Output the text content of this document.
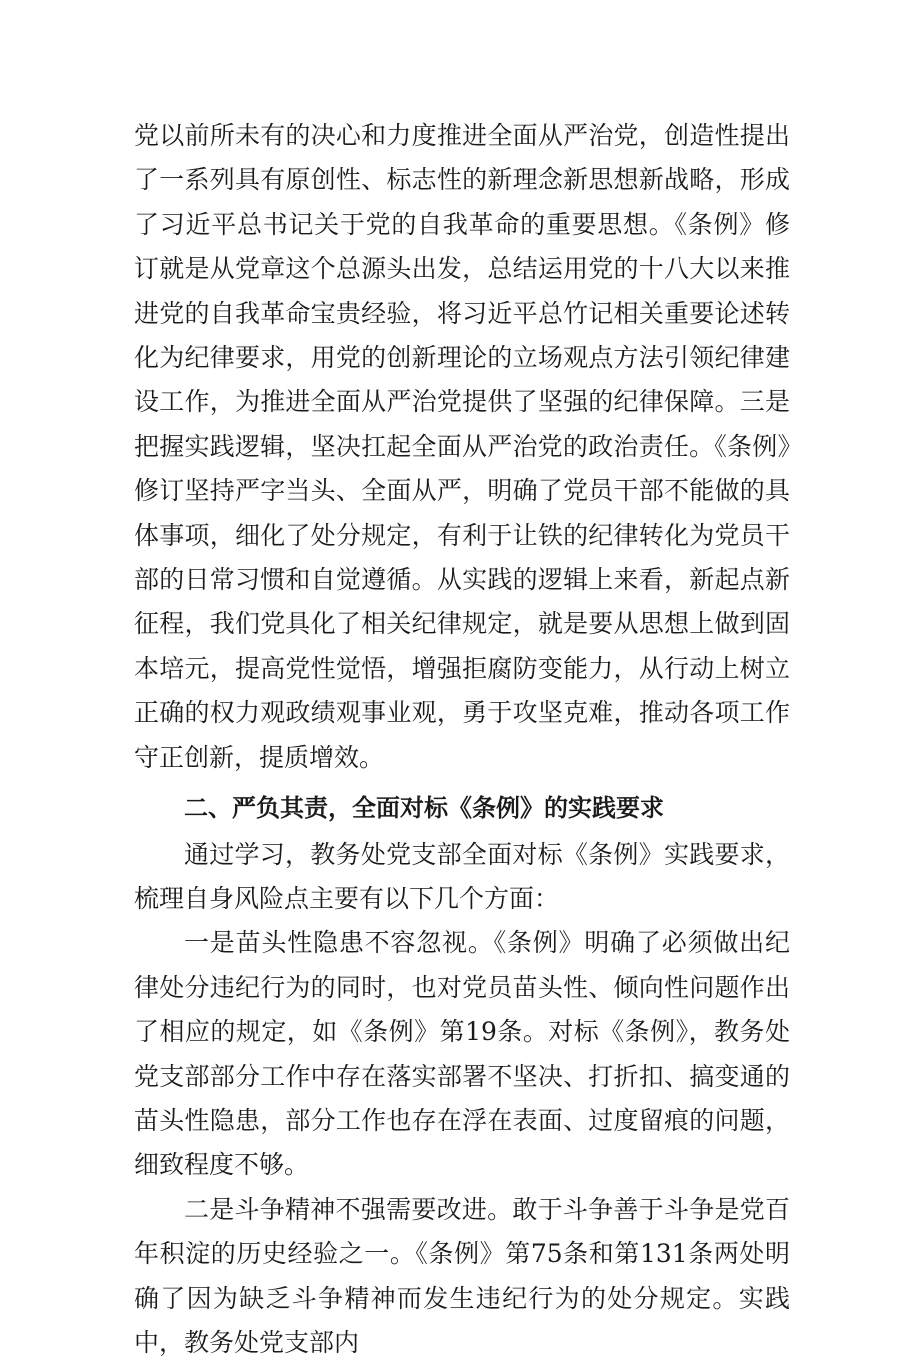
党以前所未有的决心和力度推进全面从严治党，创造性提出了一系列具有原创性、标志性的新理念新思想新战略，形成了习近平总书记关于党的自我革命的重要思想。《条例》修订就是从党章这个总源头出发，总结运用党的十八大以来推进党的自我革命宝贵经验，将习近平总竹记相关重要论述转化为纪律要求，用党的创新理论的立场观点方法引领纪律建设工作，为推进全面从严治党提供了坚强的纪律保障。三是把握实践逻辑，坚决扛起全面从严治党的政治责任。《条例》修订坚持严字当头、全面从严，明确了党员干部不能做的具体事项，细化了处分规定，有利于让铁的纪律转化为党员干部的日常习惯和自觉遵循。从实践的逻辑上来看，新起点新征程，我们党具化了相关纪律规定，就是要从思想上做到固本培元，提高党性觉悟，增强拒腐防变能力，从行动上树立正确的权力观政绩观事业观，勇于攻坚克难，推动各项工作守正创新，提质增效。

二、严负其责，全面对标《条例》的实践要求

通过学习，教务处党支部全面对标《条例》实践要求，梳理自身风险点主要有以下几个方面：

一是苗头性隐患不容忽视。《条例》明确了必须做出纪律处分违纪行为的同时，也对党员苗头性、倾向性问题作出了相应的规定，如《条例》第19条。对标《条例》，教务处党支部部分工作中存在落实部署不坚决、打折扣、搞变通的苗头性隐患，部分工作也存在浮在表面、过度留痕的问题，细致程度不够。

二是斗争精神不强需要改进。敢于斗争善于斗争是党百年积淀的历史经验之一。《条例》第75条和第131条两处明确了因为缺乏斗争精神而发生违纪行为的处分规定。实践中，教务处党支部内
